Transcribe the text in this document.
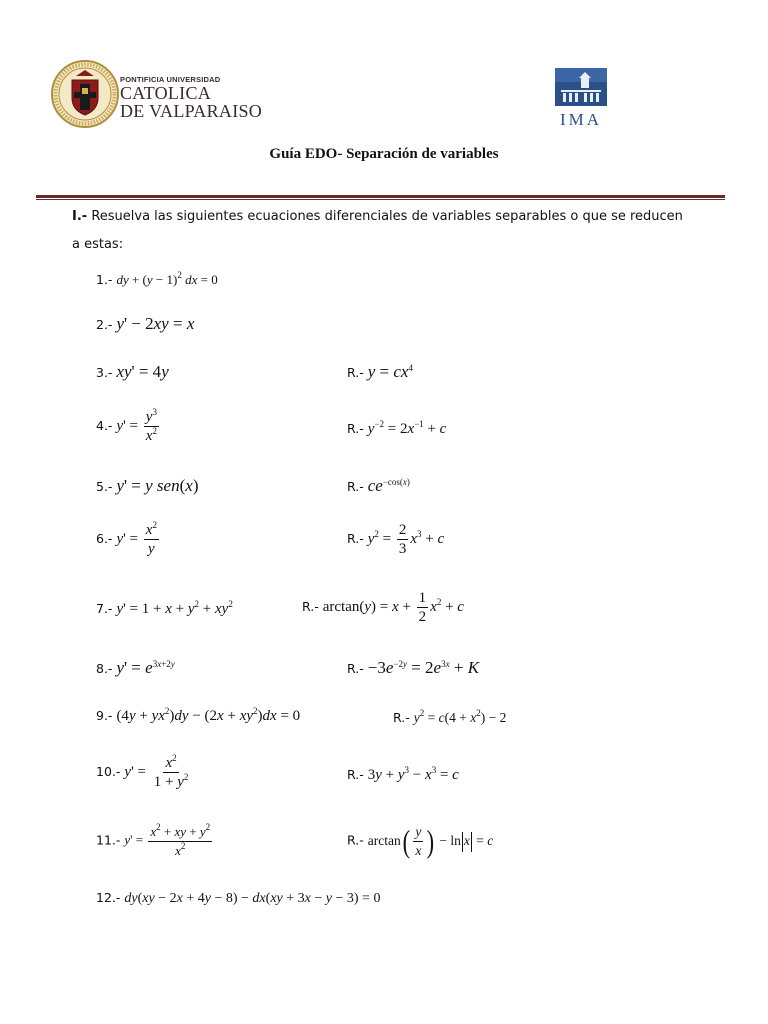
PONTIFICIA UNIVERSIDAD
CATOLICA
DE VALPARAISO	IMA
Guía EDO- Separación de variables
I.- Resuelva las siguientes ecuaciones diferenciales de variables separables o que se reducen a estas:
1.- dy + $(y - 1)^2$ dx = 0
2.- y' − 2xy = x
3.- xy' = 4y	R.- $y = cx^4$
4.- $y' = \frac{y^3}{x^2}$	R.- $y^{-2} = 2x^{-1} + c$
5.- y' = y sen(x)	R.- $ce^{-cos(x)}$
6.- $y' = \frac{x^2}{y}$	R.- $y^2 = \frac{2}{3} x^3 + c$
7.- $y' = 1 + x + y^2 + xy^2$	R.- $\arctan(y) = x + \frac{1}{2} x^2 + c$
8.- $y' = e^{3x+2y}$	$R.- -3e^{-2y} = 2e^{3x} + K$
9.- $(4y + yx^2)dy - (2x + xy^2)dx = 0$	R.- $y^2 = c(4 + x^2) - 2$
10.- $y' = \frac{x^2}{1 + y^2}$	R.- $3y + y^3 - x^3 = c$
11.- $y' = \frac{x^2 + xy + y^2}{x^2}$	R.- $\arctan( \frac{y}{x}$ ) − ln x = c
12.- dy(xy − 2x + 4y − 8) − dx(xy + 3x − y − 3) = 0
